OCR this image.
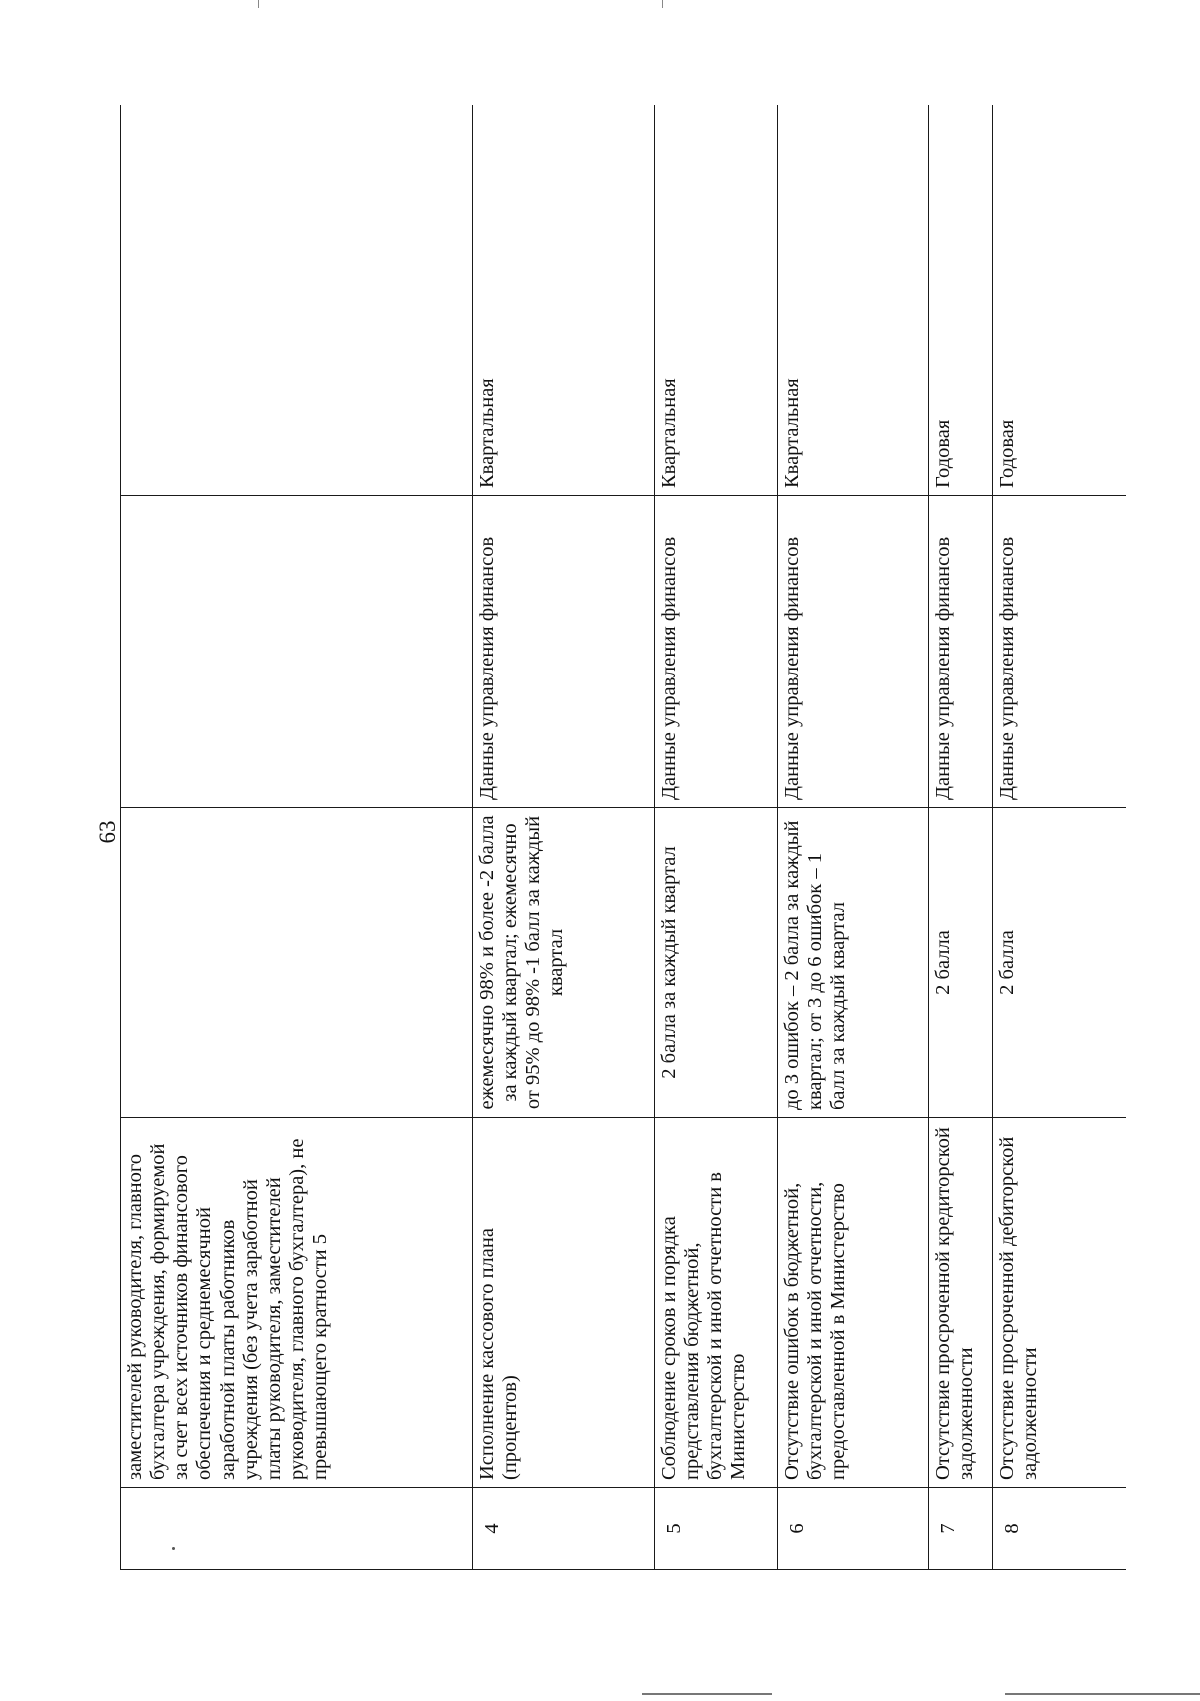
63
	заместителей руководителя, главного бухгалтера учреждения, формируемой за счет всех источников финансового обеспечения и среднемесячной заработной платы работников учреждения (без учета заработной платы руководителя, заместителей руководителя, главного бухгалтера), не превышающего кратности 5			
4	Исполнение кассового плана (процентов)	ежемесячно 98% и более -2 балла за каждый квартал; ежемесячно от 95% до 98% -1 балл за каждый квартал	Данные управления финансов	Квартальная
5	Соблюдение сроков и порядка представления бюджетной, бухгалтерской и иной отчетности в Министерство	2 балла за каждый квартал	Данные управления финансов	Квартальная
6	Отсутствие ошибок в бюджетной, бухгалтерской и иной отчетности, предоставленной в Министерство	до 3 ошибок – 2 балла за каждый квартал; от 3 до 6 ошибок – 1 балл за каждый квартал	Данные управления финансов	Квартальная
7	Отсутствие просроченной кредиторской задолженности	2 балла	Данные управления финансов	Годовая
8	Отсутствие просроченной дебиторской задолженности	2 балла	Данные управления финансов	Годовая
